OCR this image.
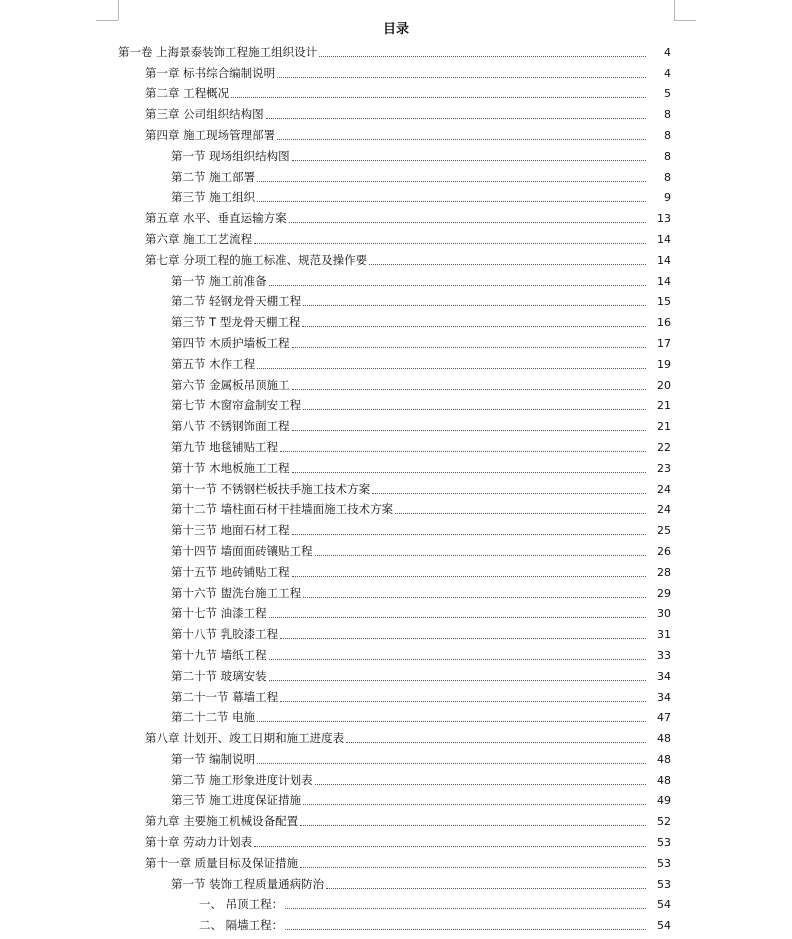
目录
第一卷 上海景泰装饰工程施工组织设计	4
第一章 标书综合编制说明	4
第二章 工程概况	5
第三章 公司组织结构图	8
第四章 施工现场管理部署	8
第一节 现场组织结构图	8
第二节 施工部署	8
第三节 施工组织	9
第五章 水平、垂直运输方案	13
第六章 施工工艺流程	14
第七章 分项工程的施工标准、规范及操作要	14
第一节 施工前准备	14
第二节 轻钢龙骨天棚工程	15
第三节 T 型龙骨天棚工程	16
第四节 木质护墙板工程	17
第五节 木作工程	19
第六节 金属板吊顶施工	20
第七节 木窗帘盒制安工程	21
第八节 不锈钢饰面工程	21
第九节 地毯铺贴工程	22
第十节 木地板施工工程	23
第十一节 不锈钢栏板扶手施工技术方案	24
第十二节 墙柱面石材干挂墙面施工技术方案	24
第十三节 地面石材工程	25
第十四节 墙面面砖镶贴工程	26
第十五节 地砖铺贴工程	28
第十六节 盥洗台施工工程	29
第十七节 油漆工程	30
第十八节 乳胶漆工程	31
第十九节 墙纸工程	33
第二十节 玻璃安装	34
第二十一节 幕墙工程	34
第二十二节 电施	47
第八章 计划开、竣工日期和施工进度表	48
第一节 编制说明	48
第二节 施工形象进度计划表	48
第三节 施工进度保证措施	49
第九章 主要施工机械设备配置	52
第十章 劳动力计划表	53
第十一章 质量目标及保证措施	53
第一节 装饰工程质量通病防治	53
一、 吊顶工程：	54
二、 隔墙工程：	54
